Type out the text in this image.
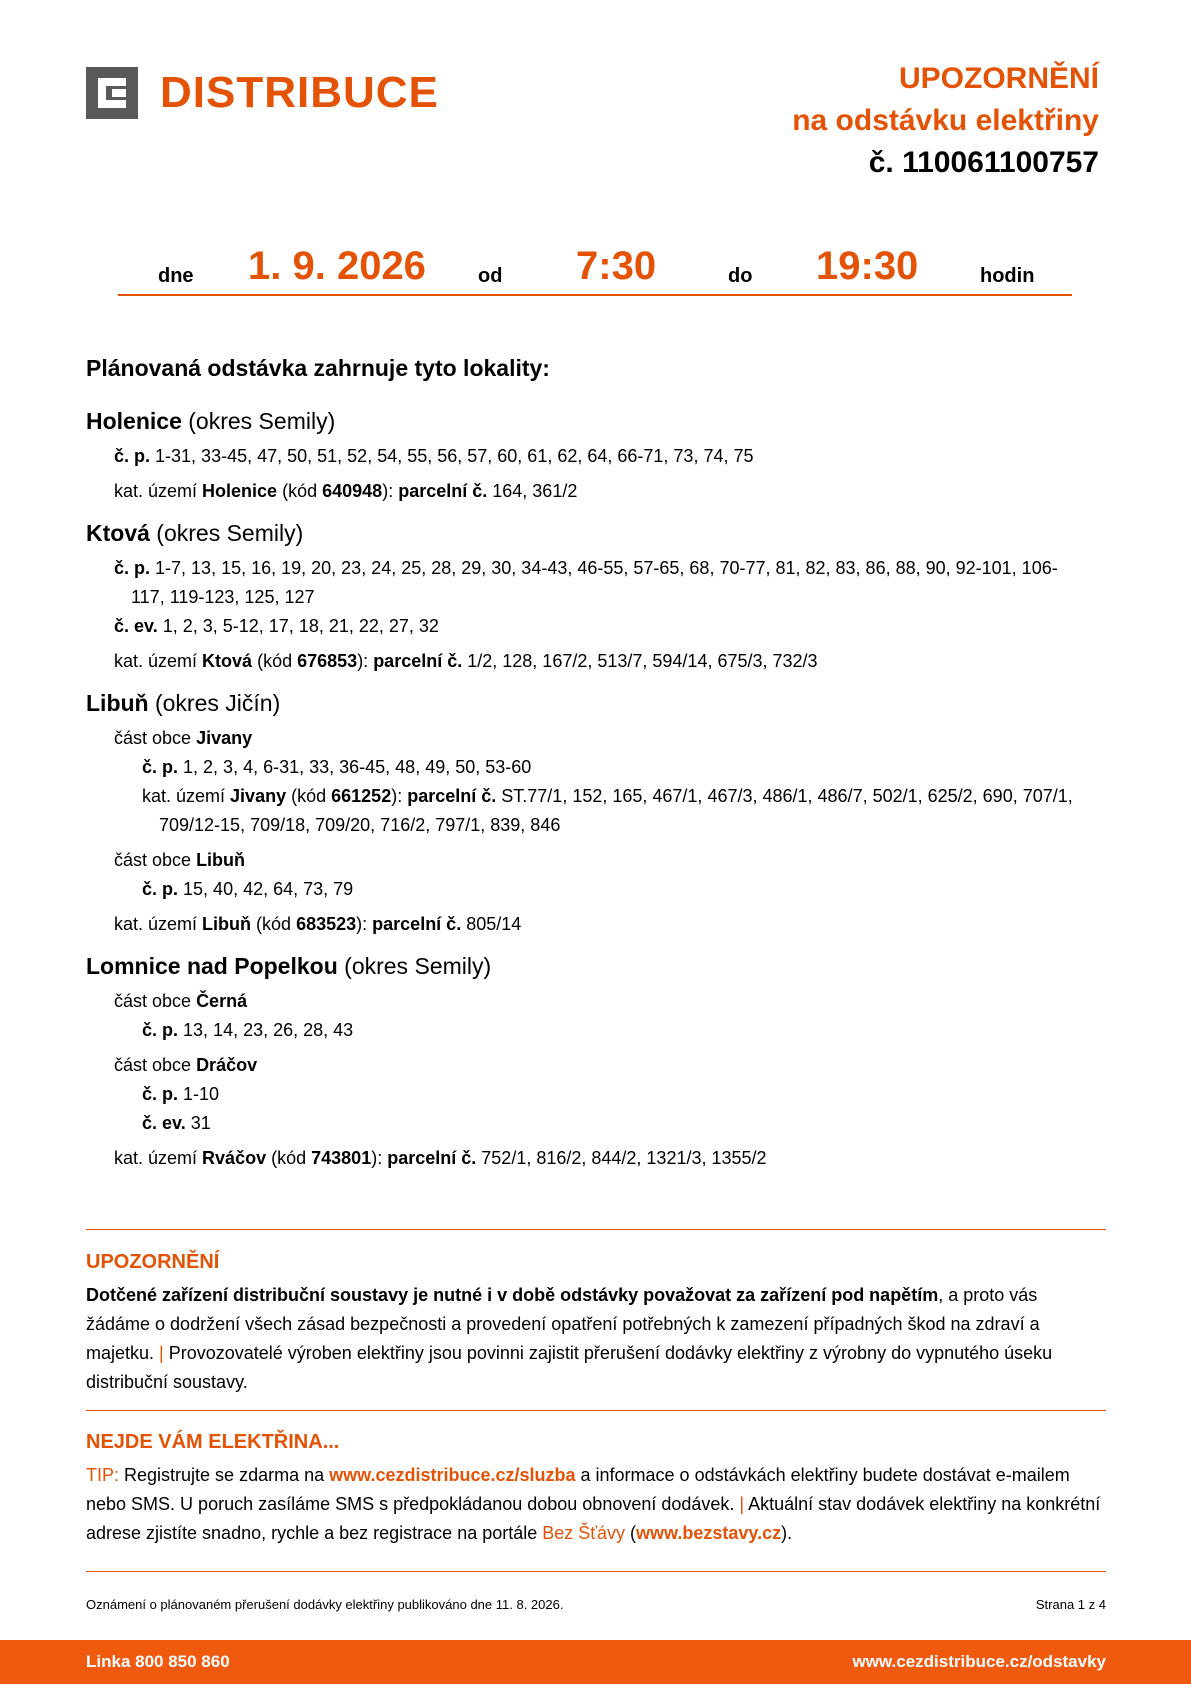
DISTRIBUCE	UPOZORNĚNÍ
na odstávku elektřiny
č. 110061100757
dne 1. 9. 2026	od 7:30	do 19:30	hodin
Plánovaná odstávka zahrnuje tyto lokality:
Holenice (okres Semily)
č. p. 1-31, 33-45, 47, 50, 51, 52, 54, 55, 56, 57, 60, 61, 62, 64, 66-71, 73, 74, 75
kat. území Holenice (kód 640948): parcelní č. 164, 361/2
Ktová (okres Semily)
č. p. 1-7, 13, 15, 16, 19, 20, 23, 24, 25, 28, 29, 30, 34-43, 46-55, 57-65, 68, 70-77, 81, 82, 83, 86, 88, 90, 92-101, 106-117, 119-123, 125, 127
č. ev. 1, 2, 3, 5-12, 17, 18, 21, 22, 27, 32
kat. území Ktová (kód 676853): parcelní č. 1/2, 128, 167/2, 513/7, 594/14, 675/3, 732/3
Libuň (okres Jičín)
část obce Jivany
č. p. 1, 2, 3, 4, 6-31, 33, 36-45, 48, 49, 50, 53-60
kat. území Jivany (kód 661252): parcelní č. ST.77/1, 152, 165, 467/1, 467/3, 486/1, 486/7, 502/1, 625/2, 690, 707/1, 709/12-15, 709/18, 709/20, 716/2, 797/1, 839, 846
část obce Libuň
č. p. 15, 40, 42, 64, 73, 79
kat. území Libuň (kód 683523): parcelní č. 805/14
Lomnice nad Popelkou (okres Semily)
část obce Černá
č. p. 13, 14, 23, 26, 28, 43
část obce Dráčov
č. p. 1-10
č. ev. 31
kat. území Rváčov (kód 743801): parcelní č. 752/1, 816/2, 844/2, 1321/3, 1355/2
UPOZORNĚNÍ

Dotčené zařízení distribuční soustavy je nutné i v době odstávky považovat za zařízení pod napětím, a proto vás žádáme o dodržení všech zásad bezpečnosti a provedení opatření potřebných k zamezení případných škod na zdraví a majetku. | Provozovatelé výroben elektřiny jsou povinni zajistit přerušení dodávky elektřiny z výrobny do vypnutého úseku distribuční soustavy.

NEJDE VÁM ELEKTŘINA...

TIP: Registrujte se zdarma na www.cezdistribuce.cz/sluzba a informace o odstávkách elektřiny budete dostávat e-mailem nebo SMS. U poruch zasíláme SMS s předpokládanou dobou obnovení dodávek. | Aktuální stav dodávek elektřiny na konkrétní adrese zjistíte snadno, rychle a bez registrace na portále Bez Šťávy (www.bezstavy.cz).

Oznámení o plánovaném přerušení dodávky elektřiny publikováno dne 11. 8. 2026.	Strana 1 z 4
Linka 800 850 860	www.cezdistribuce.cz/odstavky
